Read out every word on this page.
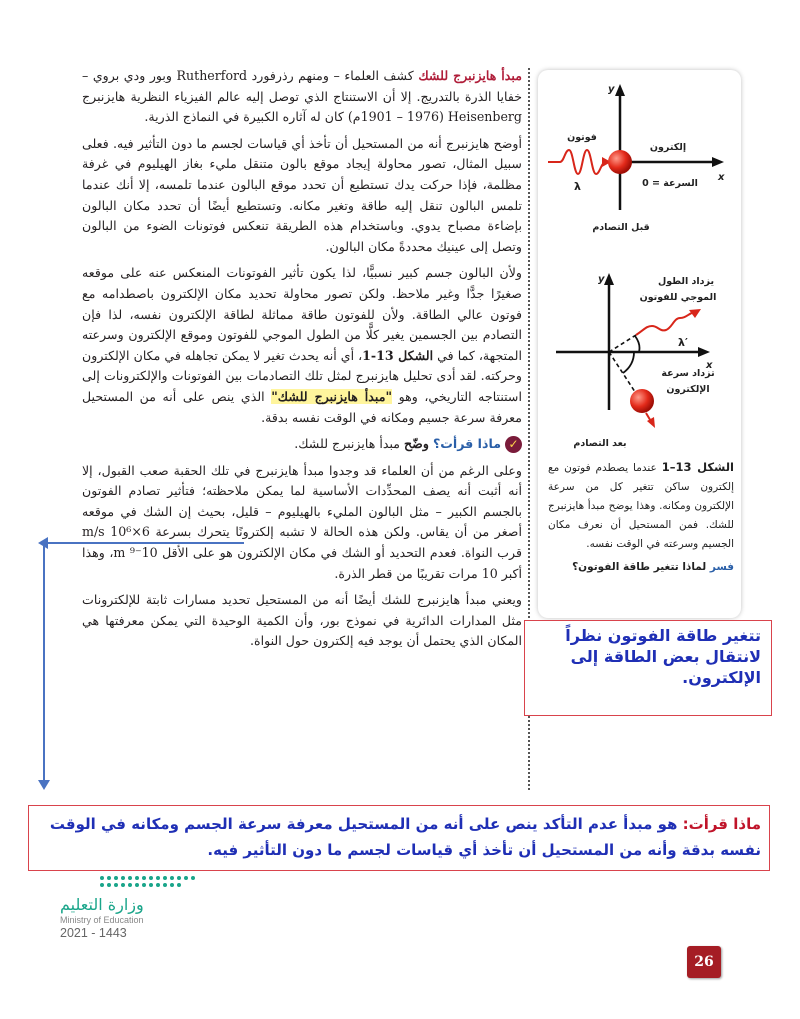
مبدأ هايزنبرج للشك كشف العلماء – ومنهم رذرفورد Rutherford وبور ودي بروي – خفايا الذرة بالتدريج. إلا أن الاستنتاج الذي توصل إليه عالم الفيزياء النظرية هايزنبرج Heisenberg (1901 – 1976م) كان له آثاره الكبيرة في النماذج الذرية.

أوضح هايزنبرج أنه من المستحيل أن تأخذ أي قياسات لجسم ما دون التأثير فيه. فعلى سبيل المثال، تصور محاولة إيجاد موقع بالون متنقل مليء بغاز الهيليوم في غرفة مظلمة، فإذا حركت يدك تستطيع أن تحدد موقع البالون عندما تلمسه، إلا أنك عندما تلمس البالون تنقل إليه طاقة وتغير مكانه. وتستطيع أيضًا أن تحدد مكان البالون بإضاءة مصباح يدوي. وباستخدام هذه الطريقة تنعكس فوتونات الضوء من البالون وتصل إلى عينيك محددةً مكان البالون.

ولأن البالون جسم كبير نسبيًّا، لذا يكون تأثير الفوتونات المنعكس عنه على موقعه صغيرًا جدًّا وغير ملاحظ. ولكن تصور محاولة تحديد مكان الإلكترون باصطدامه مع فوتون عالي الطاقة. ولأن للفوتون طاقة مماثلة لطاقة الإلكترون نفسه، لذا فإن التصادم بين الجسمين يغير كلًّا من الطول الموجي للفوتون وموقع الإلكترون وسرعته المتجهة، كما في الشكل 13-1، أي أنه يحدث تغير لا يمكن تجاهله في مكان الإلكترون وحركته. لقد أدى تحليل هايزنبرج لمثل تلك التصادمات بين الفوتونات والإلكترونات إلى استنتاجه التاريخي، وهو "مبدأ هايزنبرج للشك" الذي ينص على أنه من المستحيل معرفة سرعة جسيم ومكانه في الوقت نفسه بدقة.

✓
ماذا قرأت؟
وضّح
مبدأ هايزنبرج للشك.

وعلى الرغم من أن العلماء قد وجدوا مبدأ هايزنبرج في تلك الحقبة صعب القبول، إلا أنه أثبت أنه يصف المحدِّدات الأساسية لما يمكن ملاحظته؛ فتأثير تصادم الفوتون بالجسم الكبير – مثل البالون المليء بالهيليوم – قليل، بحيث إن الشك في موقعه أصغر من أن يقاس. ولكن هذه الحالة لا تشبه إلكترونًا يتحرك بسرعة 6×10⁶ m/s قرب النواة. فعدم التحديد أو الشك في مكان الإلكترون هو على الأقل 10⁻⁹ m، وهذا أكبر 10 مرات تقريبًا من قطر الذرة.

ويعني مبدأ هايزنبرج للشك أيضًا أنه من المستحيل تحديد مسارات ثابتة للإلكترونات مثل المدارات الدائرية في نموذج بور، وأن الكمية الوحيدة التي يمكن معرفتها هي المكان الذي يحتمل أن يوجد فيه إلكترون حول النواة.

y
x
فوتون
λ
إلكترون
السرعة = 0
قبل التصادم
y
x
يزداد الطول
الموجي للفوتون
λ′
تزداد سرعة
الإلكترون
بعد التصادم
الشكل 13–1 عندما يصطدم فوتون مع إلكترون ساكن تتغير كل من سرعة الإلكترون ومكانه. وهذا يوضح مبدأ هايزنبرج للشك. فمن المستحيل أن نعرف مكان الجسيم وسرعته في الوقت نفسه.
فسر لماذا تتغير طاقة الفوتون؟
تتغير طاقة الفوتون نظراً لانتقال بعض الطاقة إلى الإلكترون.
ماذا قرأت: هو مبدأ عدم التأكد ينص على أنه من المستحيل معرفة سرعة الجسم ومكانه في الوقت نفسه بدقة وأنه من المستحيل أن تأخذ أي قياسات لجسم ما دون التأثير فيه.
وزارة التعليم
Ministry of Education
2021 - 1443
26
